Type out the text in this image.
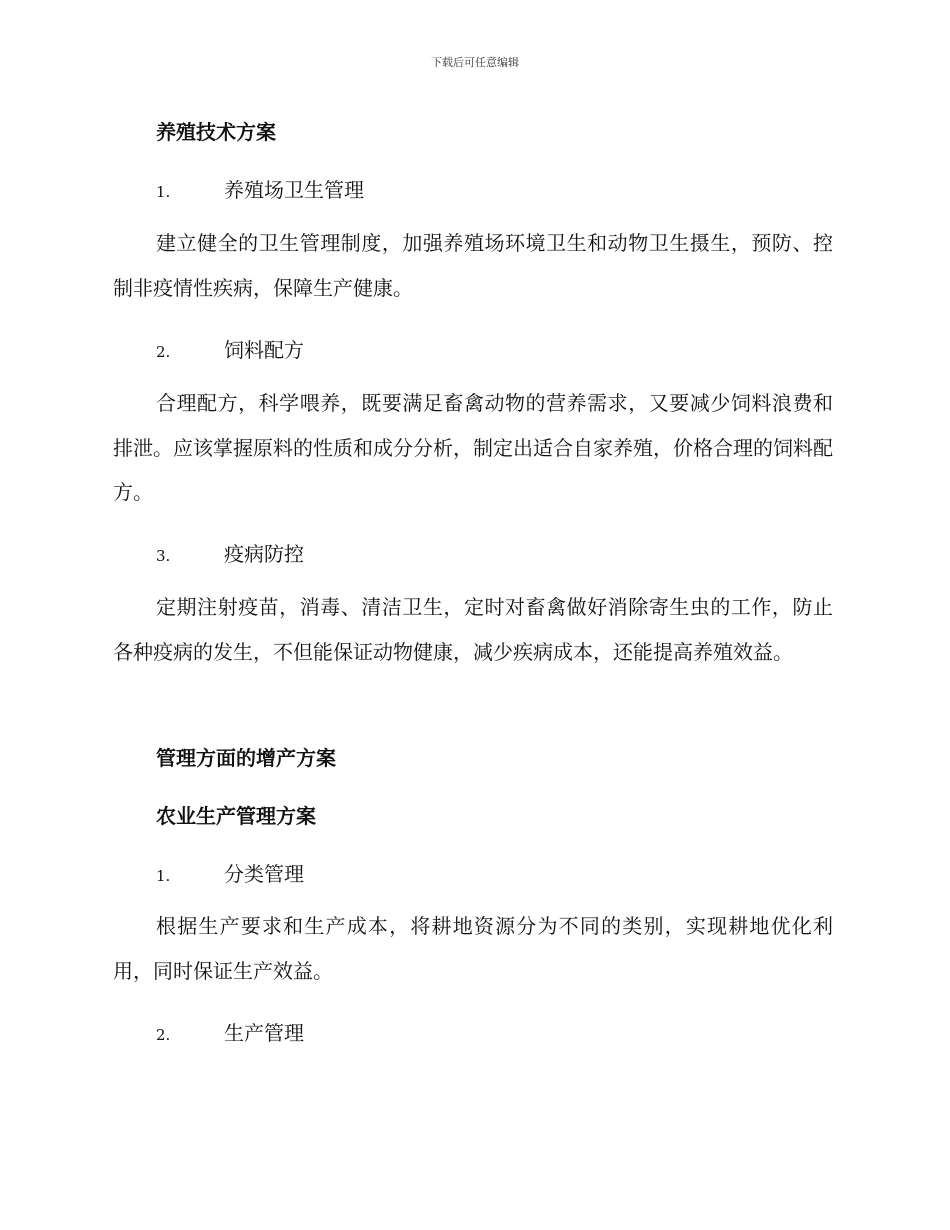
下载后可任意编辑
养殖技术方案
1.	养殖场卫生管理
建立健全的卫生管理制度，加强养殖场环境卫生和动物卫生摄生，预防、控制非疫情性疾病，保障生产健康。
2.	饲料配方
合理配方，科学喂养，既要满足畜禽动物的营养需求，又要减少饲料浪费和排泄。应该掌握原料的性质和成分分析，制定出适合自家养殖，价格合理的饲料配方。
3.	疫病防控
定期注射疫苗，消毒、清洁卫生，定时对畜禽做好消除寄生虫的工作，防止各种疫病的发生，不但能保证动物健康，减少疾病成本，还能提高养殖效益。
管理方面的增产方案
农业生产管理方案
1.	分类管理
根据生产要求和生产成本，将耕地资源分为不同的类别，实现耕地优化利用，同时保证生产效益。
2.	生产管理
